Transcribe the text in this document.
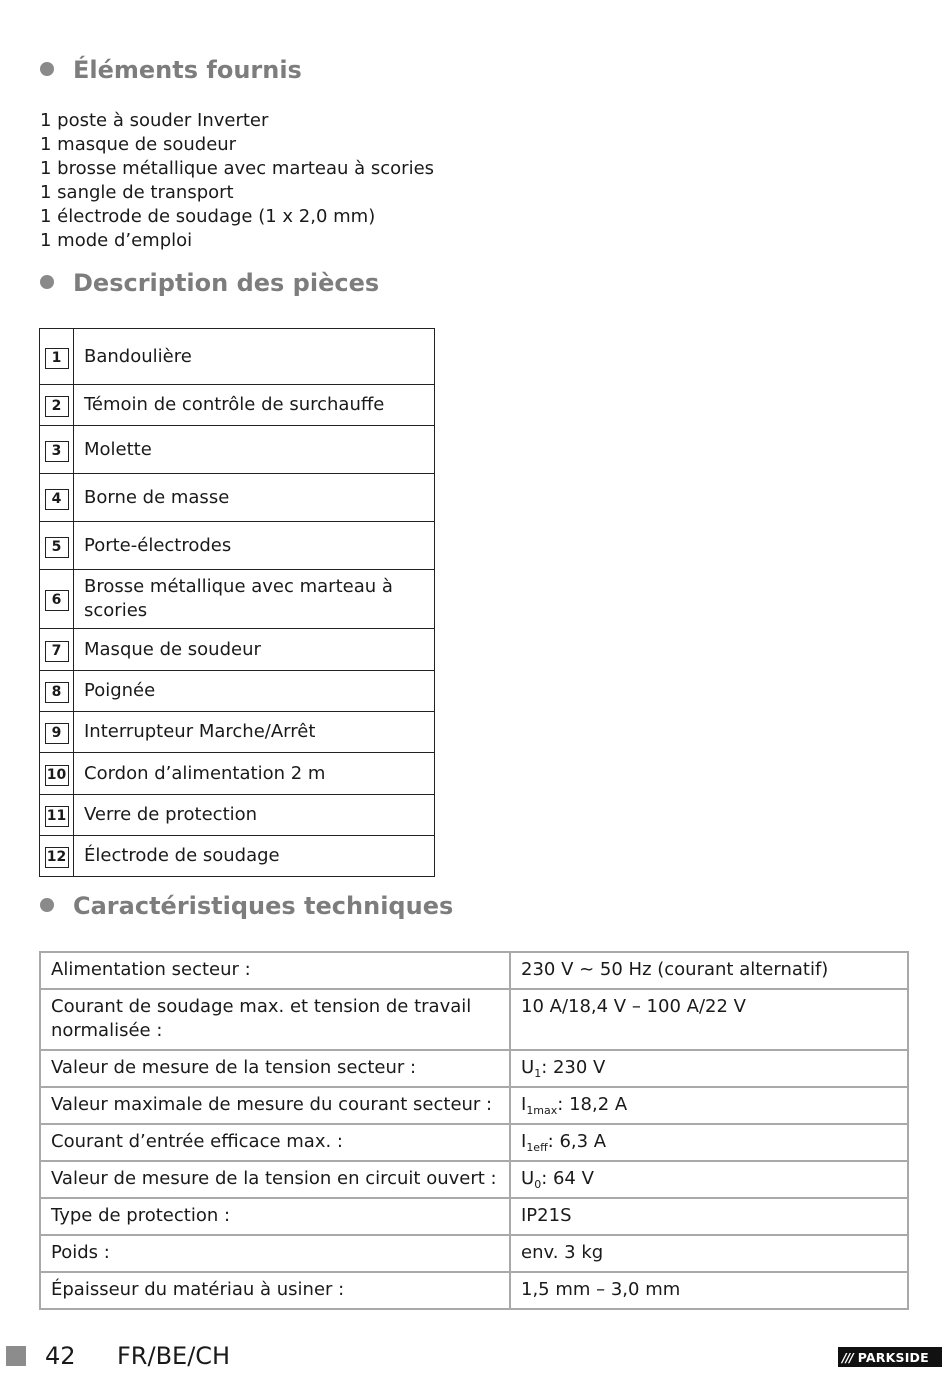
Éléments fournis
1 poste à souder Inverter
1 masque de soudeur
1 brosse métallique avec marteau à scories
1 sangle de transport
1 électrode de soudage (1 x 2,0 mm)
1 mode d’emploi
Description des pièces
1	Bandoulière
2	Témoin de contrôle de surchauffe
3	Molette
4	Borne de masse
5	Porte-électrodes
6	Brosse métallique avec marteau à scories
7	Masque de soudeur
8	Poignée
9	Interrupteur Marche/Arrêt
10	Cordon d’alimentation 2 m
11	Verre de protection
12	Électrode de soudage
Caractéristiques techniques
Alimentation secteur :	230 V ~ 50 Hz (courant alternatif)
Courant de soudage max. et tension de travail normalisée :	10 A/18,4 V – 100 A/22 V
Valeur de mesure de la tension secteur :	$U_1$: 230 V
Valeur maximale de mesure du courant secteur :	$I_{1max}$: 18,2 A
Courant d’entrée efficace max. :	$I_{1eff}$: 6,3 A
Valeur de mesure de la tension en circuit ouvert :	$U_0$: 64 V
Type de protection :	IP21S
Poids :	env. 3 kg
Épaisseur du matériau à usiner :	1,5 mm – 3,0 mm
42 FR/BE/CH	/// PARKSIDE
